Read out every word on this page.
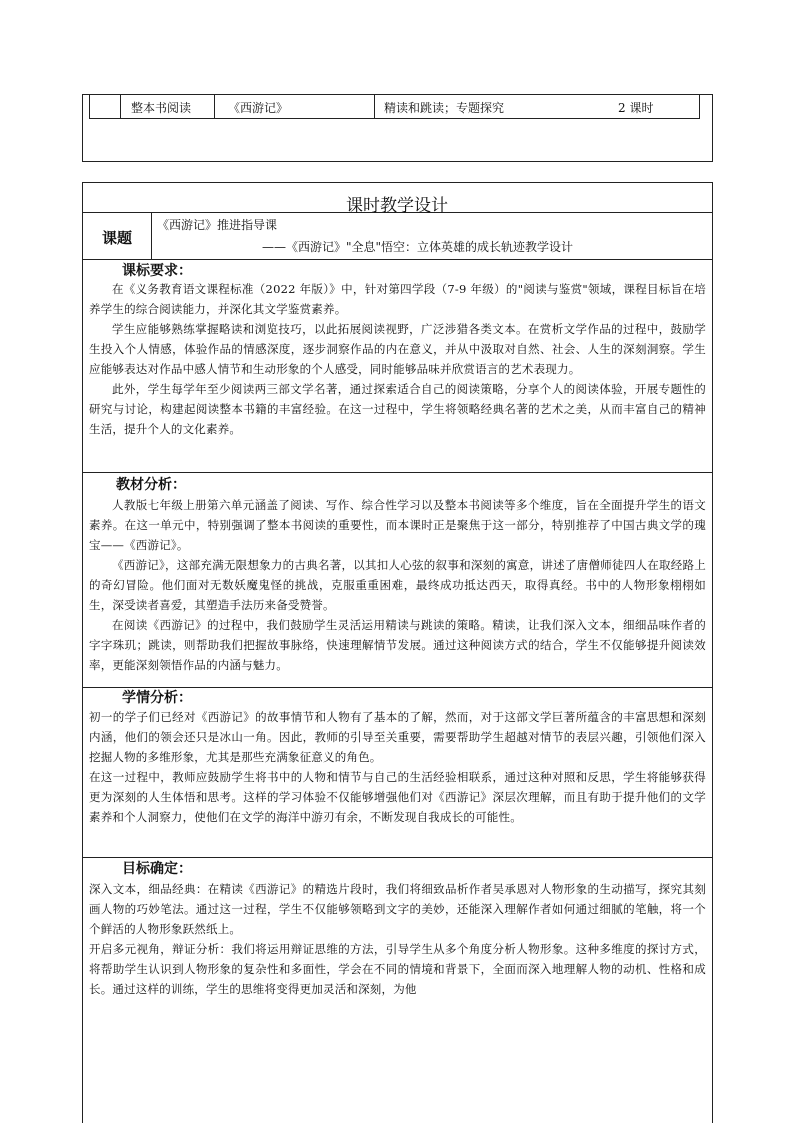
整本书阅读	《西游记》	精读和跳读；专题探究	2 课时
课时教学设计
课题
《西游记》推进指导课
——《西游记》"全息"悟空：立体英雄的成长轨迹教学设计
课标要求：

在《义务教育语文课程标准（2022 年版）》中，针对第四学段（7-9 年级）的"阅读与鉴赏"领域，课程目标旨在培养学生的综合阅读能力，并深化其文学鉴赏素养。

学生应能够熟练掌握略读和浏览技巧，以此拓展阅读视野，广泛涉猎各类文本。在赏析文学作品的过程中，鼓励学生投入个人情感，体验作品的情感深度，逐步洞察作品的内在意义，并从中汲取对自然、社会、人生的深刻洞察。学生应能够表达对作品中感人情节和生动形象的个人感受，同时能够品味并欣赏语言的艺术表现力。

此外，学生每学年至少阅读两三部文学名著，通过探索适合自己的阅读策略，分享个人的阅读体验，开展专题性的研究与讨论，构建起阅读整本书籍的丰富经验。在这一过程中，学生将领略经典名著的艺术之美，从而丰富自己的精神生活，提升个人的文化素养。

教材分析：

人教版七年级上册第六单元涵盖了阅读、写作、综合性学习以及整本书阅读等多个维度，旨在全面提升学生的语文素养。在这一单元中，特别强调了整本书阅读的重要性，而本课时正是聚焦于这一部分，特别推荐了中国古典文学的瑰宝——《西游记》。

《西游记》，这部充满无限想象力的古典名著，以其扣人心弦的叙事和深刻的寓意，讲述了唐僧师徒四人在取经路上的奇幻冒险。他们面对无数妖魔鬼怪的挑战，克服重重困难，最终成功抵达西天，取得真经。书中的人物形象栩栩如生，深受读者喜爱，其塑造手法历来备受赞誉。

在阅读《西游记》的过程中，我们鼓励学生灵活运用精读与跳读的策略。精读，让我们深入文本，细细品味作者的字字珠玑；跳读，则帮助我们把握故事脉络，快速理解情节发展。通过这种阅读方式的结合，学生不仅能够提升阅读效率，更能深刻领悟作品的内涵与魅力。

学情分析：

初一的学子们已经对《西游记》的故事情节和人物有了基本的了解，然而，对于这部文学巨著所蕴含的丰富思想和深刻内涵，他们的领会还只是冰山一角。因此，教师的引导至关重要，需要帮助学生超越对情节的表层兴趣，引领他们深入挖掘人物的多维形象，尤其是那些充满象征意义的角色。

在这一过程中，教师应鼓励学生将书中的人物和情节与自己的生活经验相联系，通过这种对照和反思，学生将能够获得更为深刻的人生体悟和思考。这样的学习体验不仅能够增强他们对《西游记》深层次理解，而且有助于提升他们的文学素养和个人洞察力，使他们在文学的海洋中游刃有余，不断发现自我成长的可能性。

目标确定：

深入文本，细品经典：在精读《西游记》的精选片段时，我们将细致品析作者吴承恩对人物形象的生动描写，探究其刻画人物的巧妙笔法。通过这一过程，学生不仅能够领略到文字的美妙，还能深入理解作者如何通过细腻的笔触，将一个个鲜活的人物形象跃然纸上。

开启多元视角，辩证分析：我们将运用辩证思维的方法，引导学生从多个角度分析人物形象。这种多维度的探讨方式，将帮助学生认识到人物形象的复杂性和多面性，学会在不同的情境和背景下，全面而深入地理解人物的动机、性格和成长。通过这样的训练，学生的思维将变得更加灵活和深刻，为他
